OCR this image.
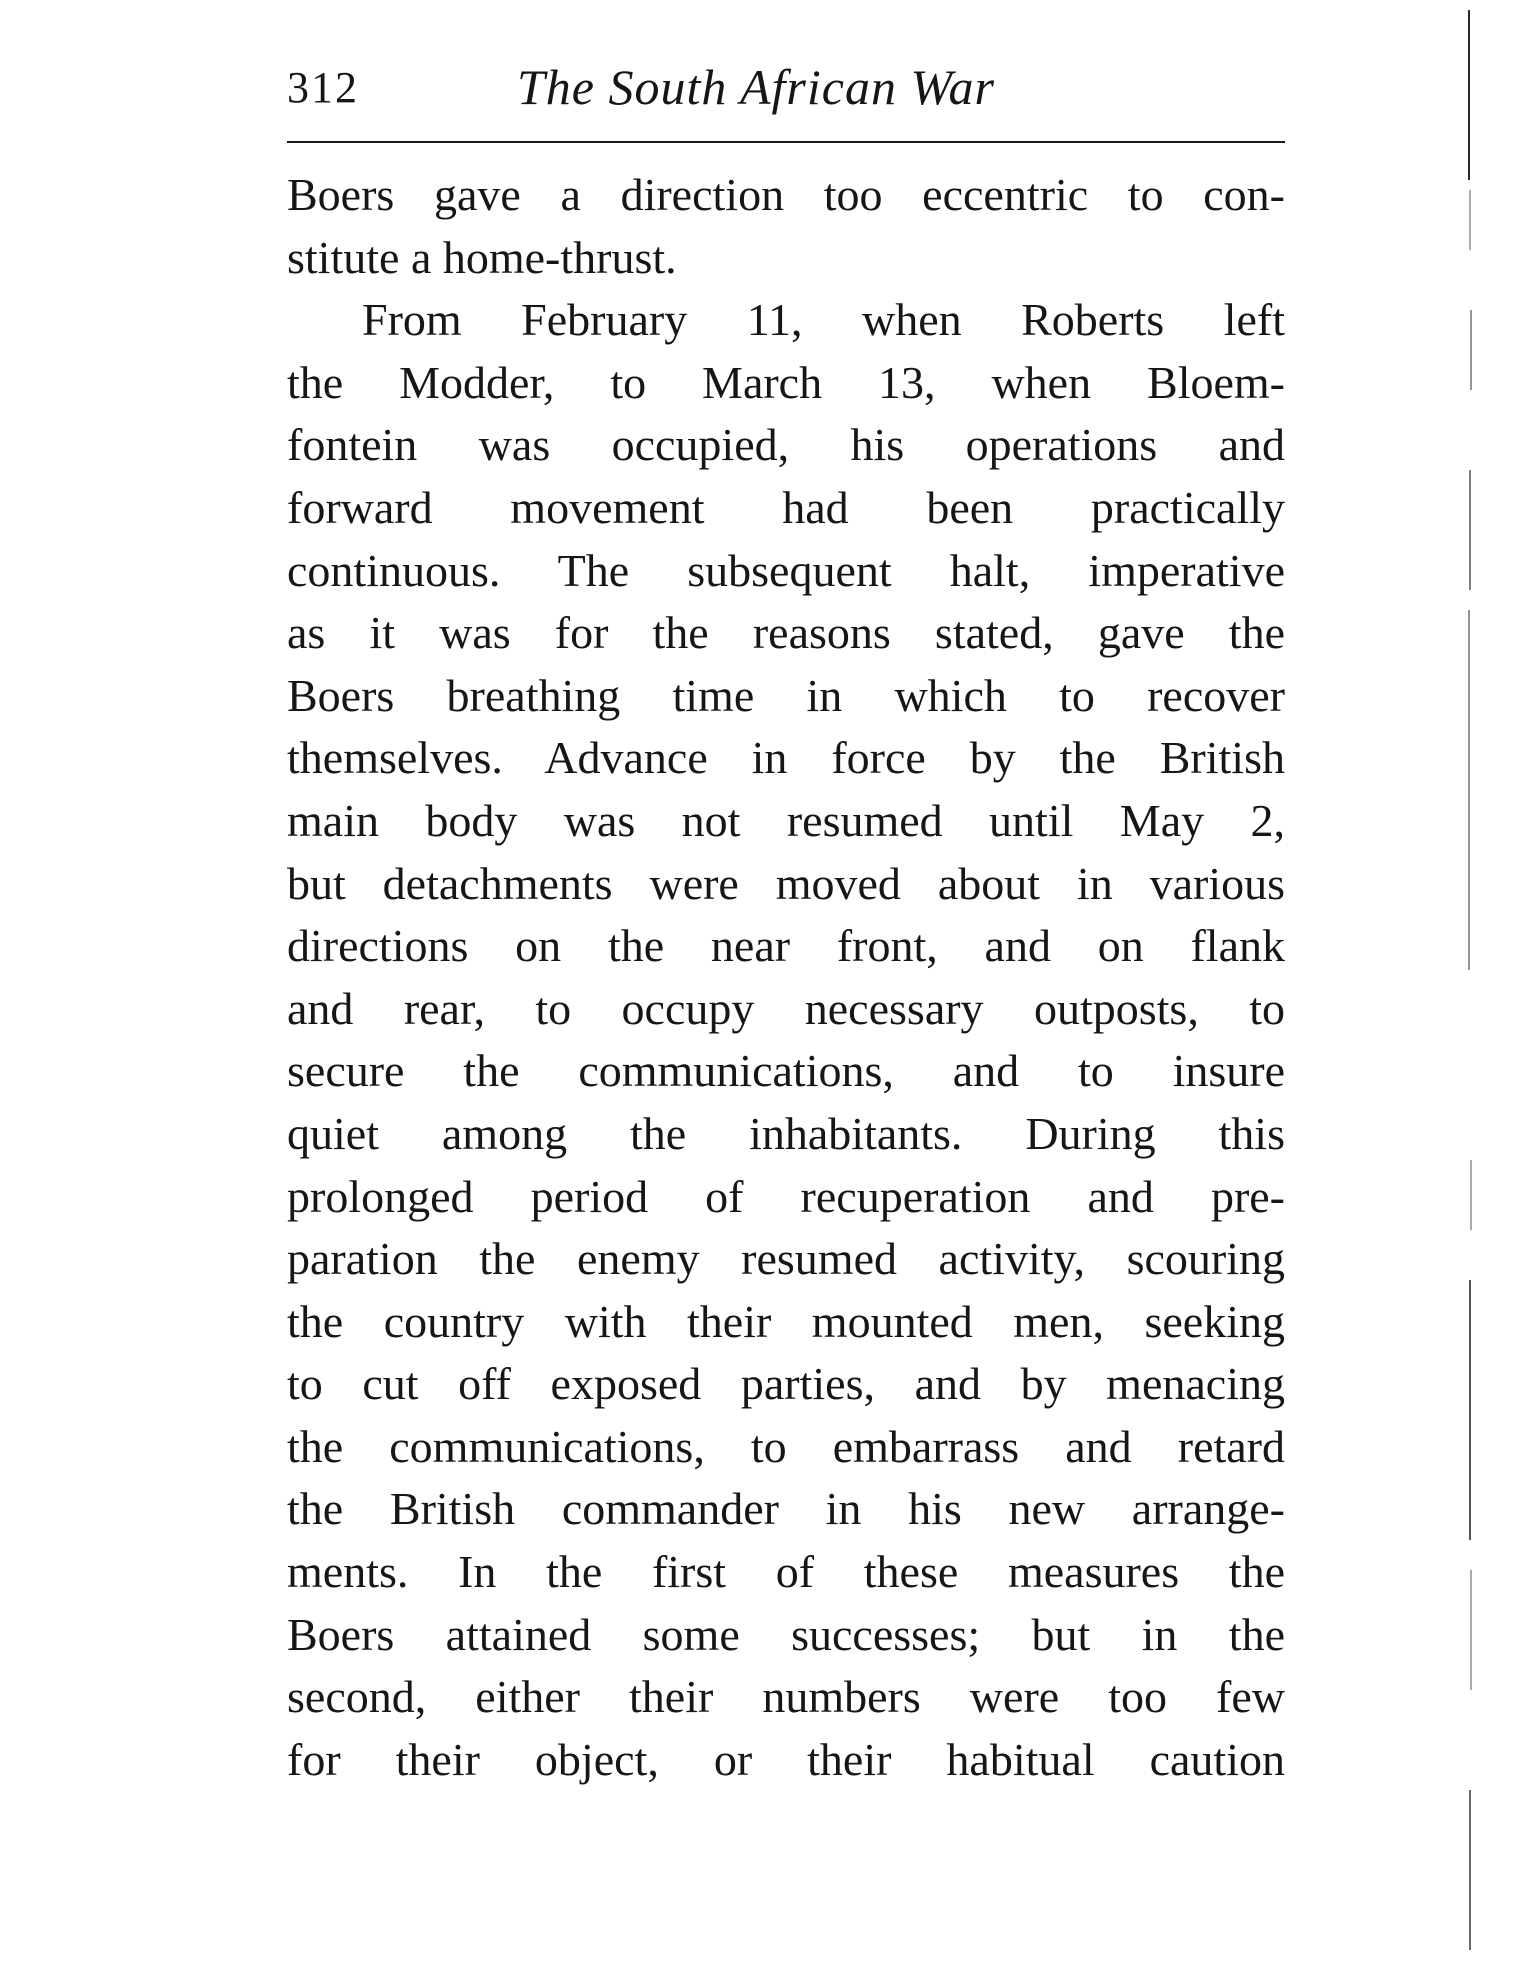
312	The South African War
Boers gave a direction too eccentric to con-
stitute a home-thrust.
From February 11, when Roberts left
the Modder, to March 13, when Bloem-
fontein was occupied, his operations and
forward movement had been practically
continuous. The subsequent halt, imperative
as it was for the reasons stated, gave the
Boers breathing time in which to recover
themselves. Advance in force by the British
main body was not resumed until May 2,
but detachments were moved about in various
directions on the near front, and on flank
and rear, to occupy necessary outposts, to
secure the communications, and to insure
quiet among the inhabitants. During this
prolonged period of recuperation and pre-
paration the enemy resumed activity, scouring
the country with their mounted men, seeking
to cut off exposed parties, and by menacing
the communications, to embarrass and retard
the British commander in his new arrange-
ments. In the first of these measures the
Boers attained some successes; but in the
second, either their numbers were too few
for their object, or their habitual caution
